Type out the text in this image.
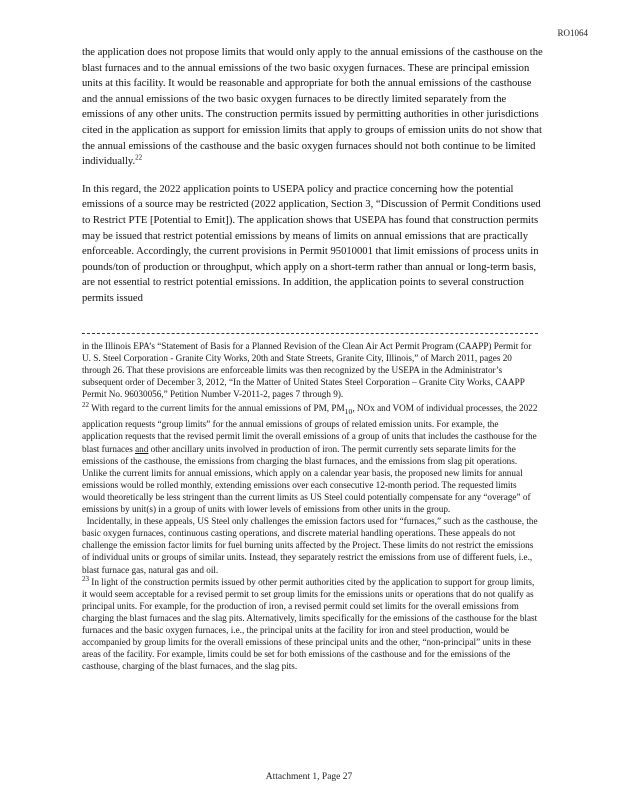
RO1064

the application does not propose limits that would only apply to the annual emissions of the casthouse on the blast furnaces and to the annual emissions of the two basic oxygen furnaces. These are principal emission units at this facility. It would be reasonable and appropriate for both the annual emissions of the casthouse and the annual emissions of the two basic oxygen furnaces to be directly limited separately from the emissions of any other units. The construction permits issued by permitting authorities in other jurisdictions cited in the application as support for emission limits that apply to groups of emission units do not show that the annual emissions of the casthouse and the basic oxygen furnaces should not both continue to be limited individually.$^{22}$

In this regard, the 2022 application points to USEPA policy and practice concerning how the potential emissions of a source may be restricted (2022 application, Section 3, “Discussion of Permit Conditions used to Restrict PTE [Potential to Emit]). The application shows that USEPA has found that construction permits may be issued that restrict potential emissions by means of limits on annual emissions that are practically enforceable. Accordingly, the current provisions in Permit 95010001 that limit emissions of process units in pounds/ton of production or throughput, which apply on a short-term rather than annual or long-term basis, are not essential to restrict potential emissions. In addition, the application points to several construction permits issued

in the Illinois EPA’s “Statement of Basis for a Planned Revision of the Clean Air Act Permit Program (CAAPP) Permit for U. S. Steel Corporation - Granite City Works, 20th and State Streets, Granite City, Illinois,” of March 2011, pages 20 through 26. That these provisions are enforceable limits was then recognized by the USEPA in the Administrator’s subsequent order of December 3, 2012, “In the Matter of United States Steel Corporation – Granite City Works, CAAPP Permit No. 96030056,” Petition Number V-2011-2, pages 7 through 9).

$^{22}$ With regard to the current limits for the annual emissions of PM, $PM_{10}$, NOx and VOM of individual processes, the 2022 application requests “group limits” for the annual emissions of groups of related emission units. For example, the application requests that the revised permit limit the overall emissions of a group of units that includes the casthouse for the blast furnaces and other ancillary units involved in production of iron. The permit currently sets separate limits for the emissions of the casthouse, the emissions from charging the blast furnaces, and the emissions from slag pit operations. Unlike the current limits for annual emissions, which apply on a calendar year basis, the proposed new limits for annual emissions would be rolled monthly, extending emissions over each consecutive 12-month period. The requested limits would theoretically be less stringent than the current limits as US Steel could potentially compensate for any “overage” of emissions by unit(s) in a group of units with lower levels of emissions from other units in the group.

Incidentally, in these appeals, US Steel only challenges the emission factors used for “furnaces,” such as the casthouse, the basic oxygen furnaces, continuous casting operations, and discrete material handling operations. These appeals do not challenge the emission factor limits for fuel burning units affected by the Project. These limits do not restrict the emissions of individual units or groups of similar units. Instead, they separately restrict the emissions from use of different fuels, i.e., blast furnace gas, natural gas and oil.

$^{23}$ In light of the construction permits issued by other permit authorities cited by the application to support for group limits, it would seem acceptable for a revised permit to set group limits for the emissions units or operations that do not qualify as principal units. For example, for the production of iron, a revised permit could set limits for the overall emissions from charging the blast furnaces and the slag pits. Alternatively, limits specifically for the emissions of the casthouse for the blast furnaces and the basic oxygen furnaces, i.e., the principal units at the facility for iron and steel production, would be accompanied by group limits for the overall emissions of these principal units and the other, “non-principal” units in these areas of the facility. For example, limits could be set for both emissions of the casthouse and for the emissions of the casthouse, charging of the blast furnaces, and the slag pits.

Attachment 1, Page 27
